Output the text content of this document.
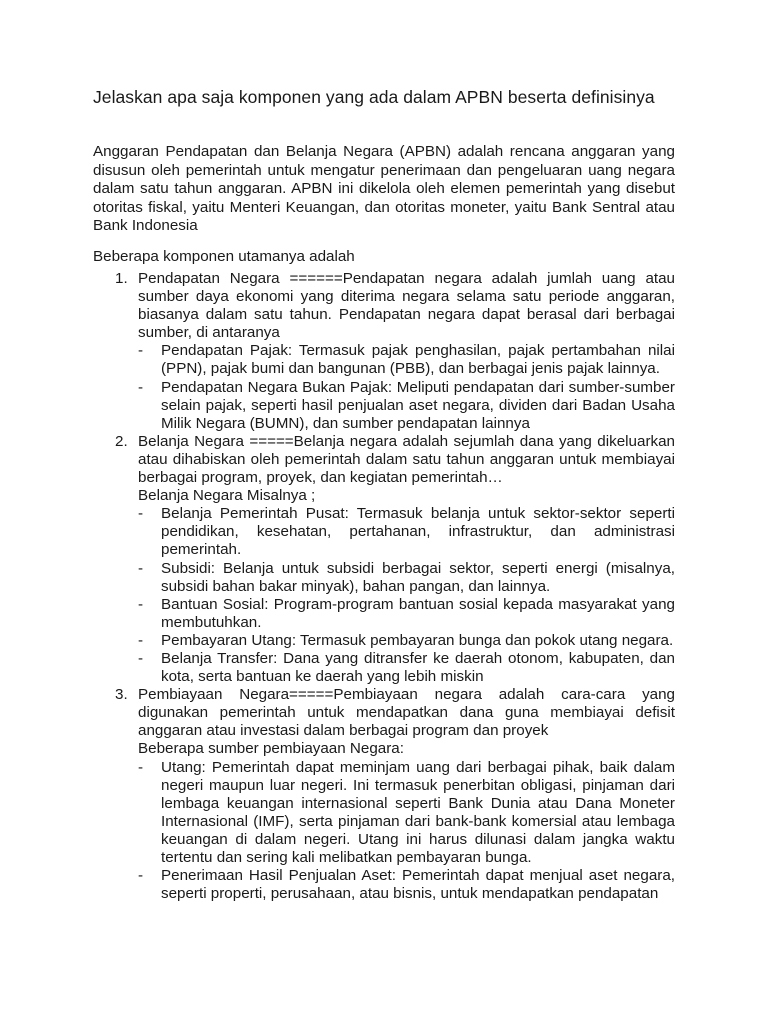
Jelaskan apa saja komponen yang ada dalam APBN beserta definisinya

Anggaran Pendapatan dan Belanja Negara (APBN) adalah rencana anggaran yang disusun oleh pemerintah untuk mengatur penerimaan dan pengeluaran uang negara dalam satu tahun anggaran. APBN ini dikelola oleh elemen pemerintah yang disebut otoritas fiskal, yaitu Menteri Keuangan, dan otoritas moneter, yaitu Bank Sentral atau Bank Indonesia

Beberapa komponen utamanya adalah

1. Pendapatan Negara ======Pendapatan negara adalah jumlah uang atau sumber daya ekonomi yang diterima negara selama satu periode anggaran, biasanya dalam satu tahun. Pendapatan negara dapat berasal dari berbagai sumber, di antaranya
- Pendapatan Pajak: Termasuk pajak penghasilan, pajak pertambahan nilai (PPN), pajak bumi dan bangunan (PBB), dan berbagai jenis pajak lainnya.
- Pendapatan Negara Bukan Pajak: Meliputi pendapatan dari sumber-sumber selain pajak, seperti hasil penjualan aset negara, dividen dari Badan Usaha Milik Negara (BUMN), dan sumber pendapatan lainnya
2. Belanja Negara =====Belanja negara adalah sejumlah dana yang dikeluarkan atau dihabiskan oleh pemerintah dalam satu tahun anggaran untuk membiayai berbagai program, proyek, dan kegiatan pemerintah…
Belanja Negara Misalnya ;
- Belanja Pemerintah Pusat: Termasuk belanja untuk sektor-sektor seperti pendidikan, kesehatan, pertahanan, infrastruktur, dan administrasi pemerintah.
- Subsidi: Belanja untuk subsidi berbagai sektor, seperti energi (misalnya, subsidi bahan bakar minyak), bahan pangan, dan lainnya.
- Bantuan Sosial: Program-program bantuan sosial kepada masyarakat yang membutuhkan.
- Pembayaran Utang: Termasuk pembayaran bunga dan pokok utang negara.
- Belanja Transfer: Dana yang ditransfer ke daerah otonom, kabupaten, dan kota, serta bantuan ke daerah yang lebih miskin
3. Pembiayaan Negara=====Pembiayaan negara adalah cara-cara yang digunakan pemerintah untuk mendapatkan dana guna membiayai defisit anggaran atau investasi dalam berbagai program dan proyek
Beberapa sumber pembiayaan Negara:
- Utang: Pemerintah dapat meminjam uang dari berbagai pihak, baik dalam negeri maupun luar negeri. Ini termasuk penerbitan obligasi, pinjaman dari lembaga keuangan internasional seperti Bank Dunia atau Dana Moneter Internasional (IMF), serta pinjaman dari bank-bank komersial atau lembaga keuangan di dalam negeri. Utang ini harus dilunasi dalam jangka waktu tertentu dan sering kali melibatkan pembayaran bunga.
- Penerimaan Hasil Penjualan Aset: Pemerintah dapat menjual aset negara, seperti properti, perusahaan, atau bisnis, untuk mendapatkan pendapatan
